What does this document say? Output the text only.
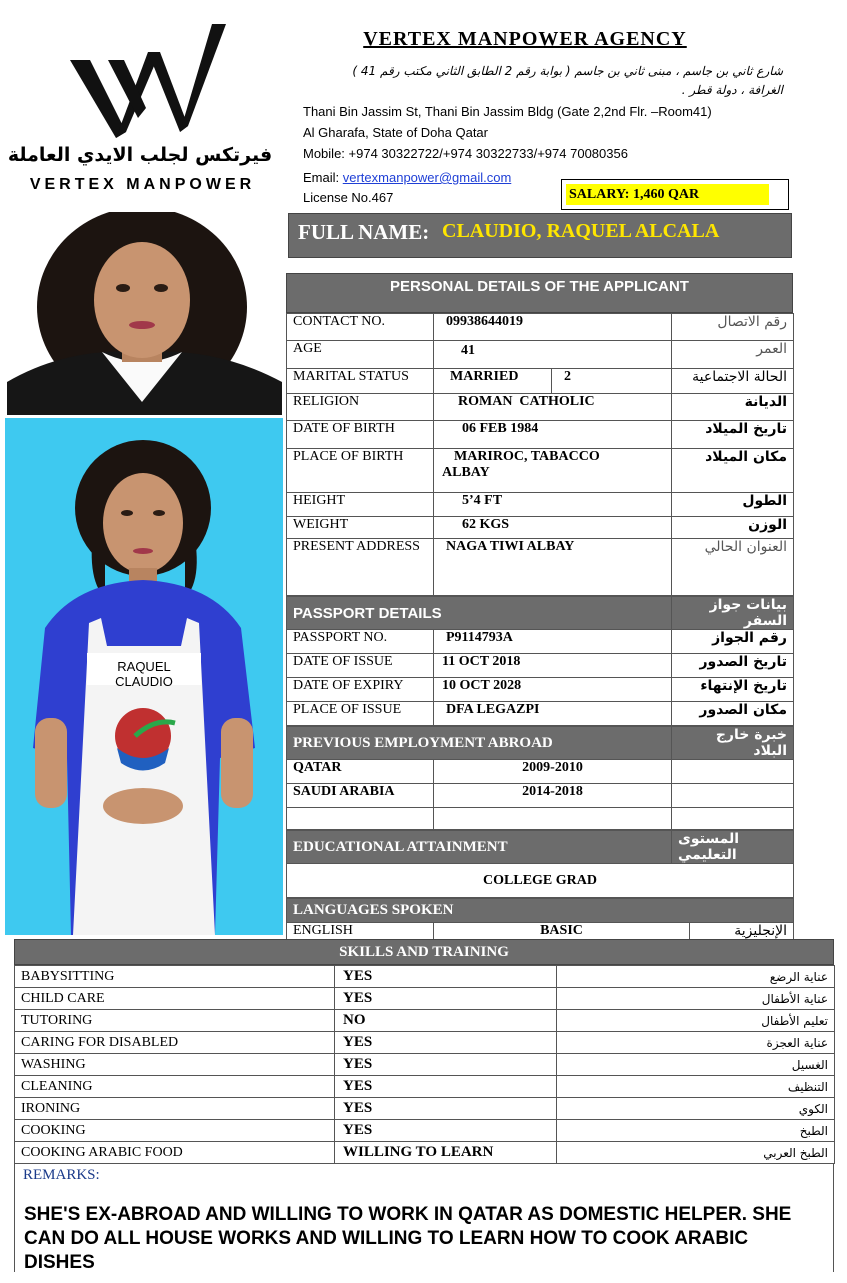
فيرتكس لجلب الايدي العاملة
VERTEX MANPOWER
VERTEX MANPOWER AGENCY
شارع ثاني بن جاسم ، مبنى ثاني بن جاسم ( بوابة رقم 2 الطابق الثاني مكتب رقم 41 )
الغرافة ، دولة قطر .
Thani Bin Jassim St, Thani Bin Jassim Bldg (Gate 2,2nd Flr. –Room41)
Al Gharafa, State of Doha Qatar
Mobile: +974 30322722/+974 30322733/+974 70080356
Email: vertexmanpower@gmail.com
License No.467	SALARY: 1,460 QAR
FULL NAME: CLAUDIO, RAQUEL ALCALA
RAQUEL CLAUDIO
PERSONAL DETAILS OF THE APPLICANT
CONTACT NO.	09938644019		رقم الاتصال
AGE	41		العمر
MARITAL STATUS	MARRIED	2	الحالة الاجتماعية
RELIGION	ROMAN  CATHOLIC		الديانة
DATE OF BIRTH	06 FEB 1984		تاريخ الميلاد
PLACE OF BIRTH	MARIROC, TABACCO
ALBAY		مكان الميلاد
HEIGHT	5’4 FT		الطول
WEIGHT	62 KGS		الوزن
PRESENT ADDRESS	NAGA TIWI ALBAY		العنوان الحالي
PASSPORT DETAILS		بيانات جواز السفر
PASSPORT NO.	P9114793A	رقم الجواز
DATE OF ISSUE	11 OCT 2018	تاريخ الصدور
DATE OF EXPIRY	10 OCT 2028	تاريخ الإنتهاء
PLACE OF ISSUE	DFA LEGAZPI	مكان الصدور
PREVIOUS EMPLOYMENT ABROAD		خبرة خارج البلاد
QATAR	2009-2010	
SAUDI ARABIA	2014-2018	

EDUCATIONAL ATTAINMENT	المستوى التعليمي
COLLEGE GRAD
LANGUAGES SPOKEN		
ENGLISH	BASIC	الإنجليزية

SKILLS AND TRAINING
BABYSITTING	YES	عناية الرضع
CHILD CARE	YES	عناية الأطفال
TUTORING	NO	تعليم الأطفال
CARING FOR DISABLED	YES	عناية العجزة
WASHING	YES	الغسيل
CLEANING	YES	التنظيف
IRONING	YES	الكوي
COOKING	YES	الطبخ
COOKING ARABIC FOOD	WILLING TO LEARN	الطبخ العربي
REMARKS:
SHE'S EX-ABROAD AND WILLING TO WORK IN QATAR AS DOMESTIC HELPER. SHE CAN DO ALL HOUSE WORKS AND WILLING TO LEARN HOW TO COOK ARABIC DISHES
